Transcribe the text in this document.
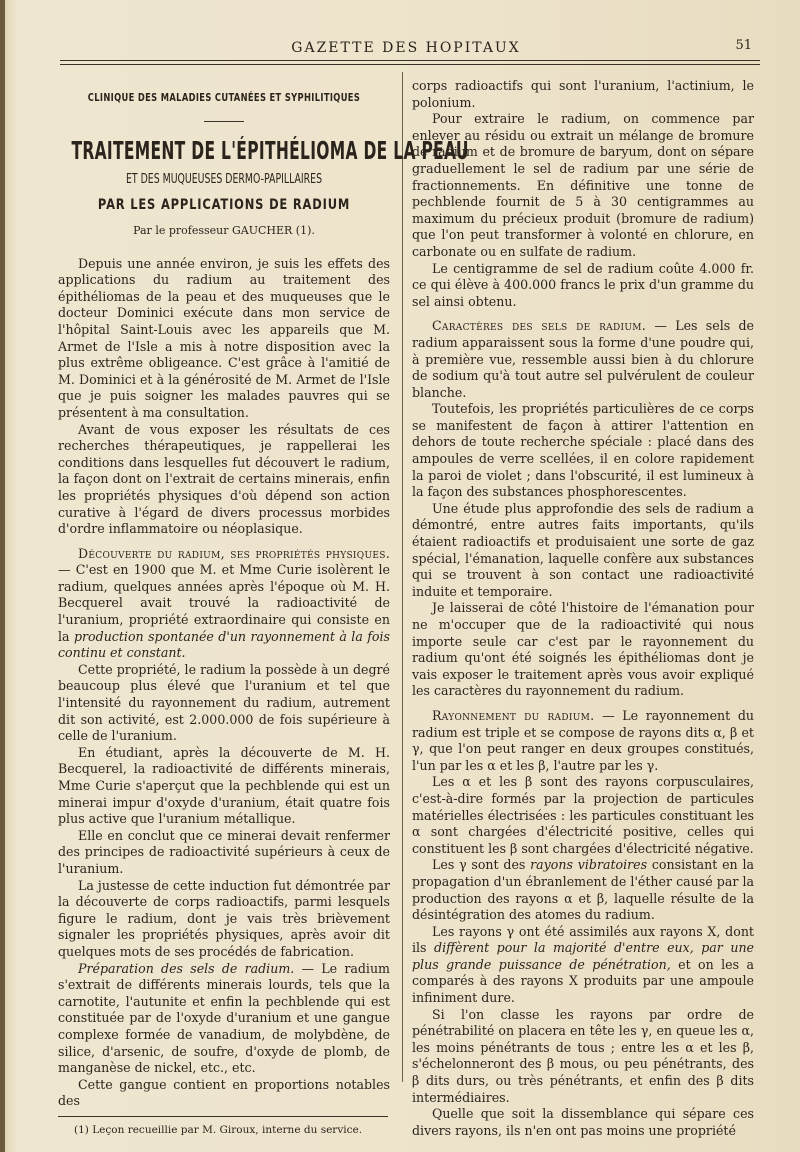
GAZETTE DES HOPITAUX	51
CLINIQUE DES MALADIES CUTANÉES ET SYPHILITIQUES
TRAITEMENT DE L'ÉPITHÉLIOMA DE LA PEAU
ET DES MUQUEUSES DERMO-PAPILLAIRES
PAR LES APPLICATIONS DE RADIUM
Par le professeur GAUCHER (1).

Depuis une année environ, je suis les effets des applications du radium au traitement des épithéliomas de la peau et des muqueuses que le docteur Dominici exécute dans mon service de l'hôpital Saint-Louis avec les appareils que M. Armet de l'Isle a mis à notre disposition avec la plus extrême obligeance. C'est grâce à l'amitié de M. Dominici et à la générosité de M. Armet de l'Isle que je puis soigner les malades pauvres qui se présentent à ma consultation.

Avant de vous exposer les résultats de ces recherches thérapeutiques, je rappellerai les conditions dans lesquelles fut découvert le radium, la façon dont on l'extrait de certains minerais, enfin les propriétés physiques d'où dépend son action curative à l'égard de divers processus morbides d'ordre inflammatoire ou néoplasique.

Découverte du radium, ses propriétés physiques. — C'est en 1900 que M. et Mme Curie isolèrent le radium, quelques années après l'époque où M. H. Becquerel avait trouvé la radioactivité de l'uranium, propriété extraordinaire qui consiste en la production spontanée d'un rayonnement à la fois continu et constant.

Cette propriété, le radium la possède à un degré beaucoup plus élevé que l'uranium et tel que l'intensité du rayonnement du radium, autrement dit son activité, est 2.000.000 de fois supérieure à celle de l'uranium.

En étudiant, après la découverte de M. H. Becquerel, la radioactivité de différents minerais, Mme Curie s'aperçut que la pechblende qui est un minerai impur d'oxyde d'uranium, était quatre fois plus active que l'uranium métallique.

Elle en conclut que ce minerai devait renfermer des principes de radioactivité supérieurs à ceux de l'uranium.

La justesse de cette induction fut démontrée par la découverte de corps radioactifs, parmi lesquels figure le radium, dont je vais très brièvement signaler les propriétés physiques, après avoir dit quelques mots de ses procédés de fabrication.

Préparation des sels de radium. — Le radium s'extrait de différents minerais lourds, tels que la carnotite, l'autunite et enfin la pechblende qui est constituée par de l'oxyde d'uranium et une gangue complexe formée de vanadium, de molybdène, de silice, d'arsenic, de soufre, d'oxyde de plomb, de manganèse de nickel, etc., etc.

Cette gangue contient en proportions notables des

(1) Leçon recueillie par M. Giroux, interne du service.

corps radioactifs qui sont l'uranium, l'actinium, le polonium.

Pour extraire le radium, on commence par enlever au résidu ou extrait un mélange de bromure de radium et de bromure de baryum, dont on sépare graduellement le sel de radium par une série de fractionnements. En définitive une tonne de pechblende fournit de 5 à 30 centigrammes au maximum du précieux produit (bromure de radium) que l'on peut transformer à volonté en chlorure, en carbonate ou en sulfate de radium.

Le centigramme de sel de radium coûte 4.000 fr. ce qui élève à 400.000 francs le prix d'un gramme du sel ainsi obtenu.

Caractères des sels de radium. — Les sels de radium apparaissent sous la forme d'une poudre qui, à première vue, ressemble aussi bien à du chlorure de sodium qu'à tout autre sel pulvérulent de couleur blanche.

Toutefois, les propriétés particulières de ce corps se manifestent de façon à attirer l'attention en dehors de toute recherche spéciale : placé dans des ampoules de verre scellées, il en colore rapidement la paroi de violet ; dans l'obscurité, il est lumineux à la façon des substances phosphorescentes.

Une étude plus approfondie des sels de radium a démontré, entre autres faits importants, qu'ils étaient radioactifs et produisaient une sorte de gaz spécial, l'émanation, laquelle confère aux substances qui se trouvent à son contact une radioactivité induite et temporaire.

Je laisserai de côté l'histoire de l'émanation pour ne m'occuper que de la radioactivité qui nous importe seule car c'est par le rayonnement du radium qu'ont été soignés les épithéliomas dont je vais exposer le traitement après vous avoir expliqué les caractères du rayonnement du radium.

Rayonnement du radium. — Le rayonnement du radium est triple et se compose de rayons dits α, β et γ, que l'on peut ranger en deux groupes constitués, l'un par les α et les β, l'autre par les γ.

Les α et les β sont des rayons corpusculaires, c'est-à-dire formés par la projection de particules matérielles électrisées : les particules constituant les α sont chargées d'électricité positive, celles qui constituent les β sont chargées d'électricité négative.

Les γ sont des rayons vibratoires consistant en la propagation d'un ébranlement de l'éther causé par la production des rayons α et β, laquelle résulte de la désintégration des atomes du radium.

Les rayons γ ont été assimilés aux rayons X, dont ils diffèrent pour la majorité d'entre eux, par une plus grande puissance de pénétration, et on les a comparés à des rayons X produits par une ampoule infiniment dure.

Si l'on classe les rayons par ordre de pénétrabilité on placera en tête les γ, en queue les α, les moins pénétrants de tous ; entre les α et les β, s'échelonneront des β mous, ou peu pénétrants, des β dits durs, ou très pénétrants, et enfin des β dits intermédiaires.

Quelle que soit la dissemblance qui sépare ces divers rayons, ils n'en ont pas moins une propriété
